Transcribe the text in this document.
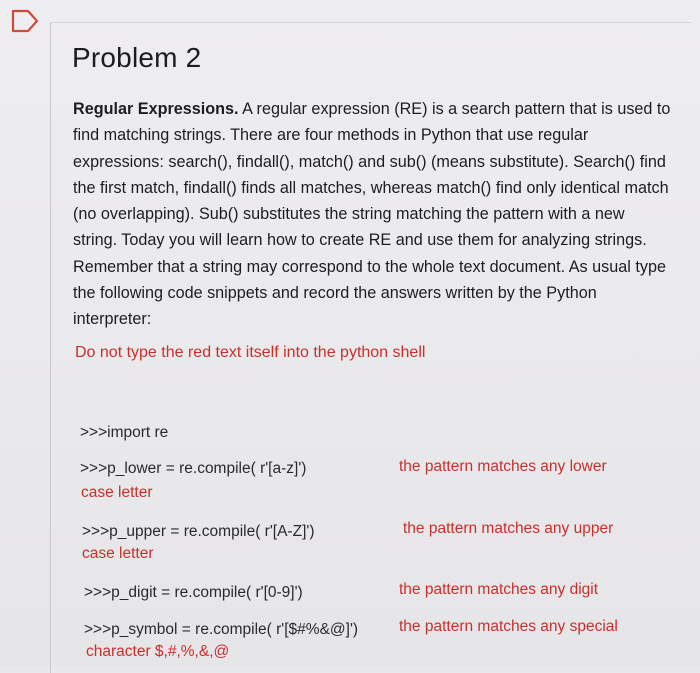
Problem 2
Regular Expressions. A regular expression (RE) is a search pattern that is used to find matching strings. There are four methods in Python that use regular expressions: search(), findall(), match() and sub() (means substitute). Search() find the first match, findall() finds all matches, whereas match() find only identical match (no overlapping). Sub() substitutes the string matching the pattern with a new string. Today you will learn how to create RE and use them for analyzing strings. Remember that a string may correspond to the whole text document. As usual type the following code snippets and record the answers written by the Python interpreter:
Do not type the red text itself into the python shell
>>>import re
>>>p_lower = re.compile( r'[a-z]')	the pattern matches any lower
case letter
>>>p_upper = re.compile( r'[A-Z]')	the pattern matches any upper
case letter
>>>p_digit = re.compile( r'[0-9]')	the pattern matches any digit
>>>p_symbol = re.compile( r'[$#%&@]')	the pattern matches any special
character $,#,%,&,@
